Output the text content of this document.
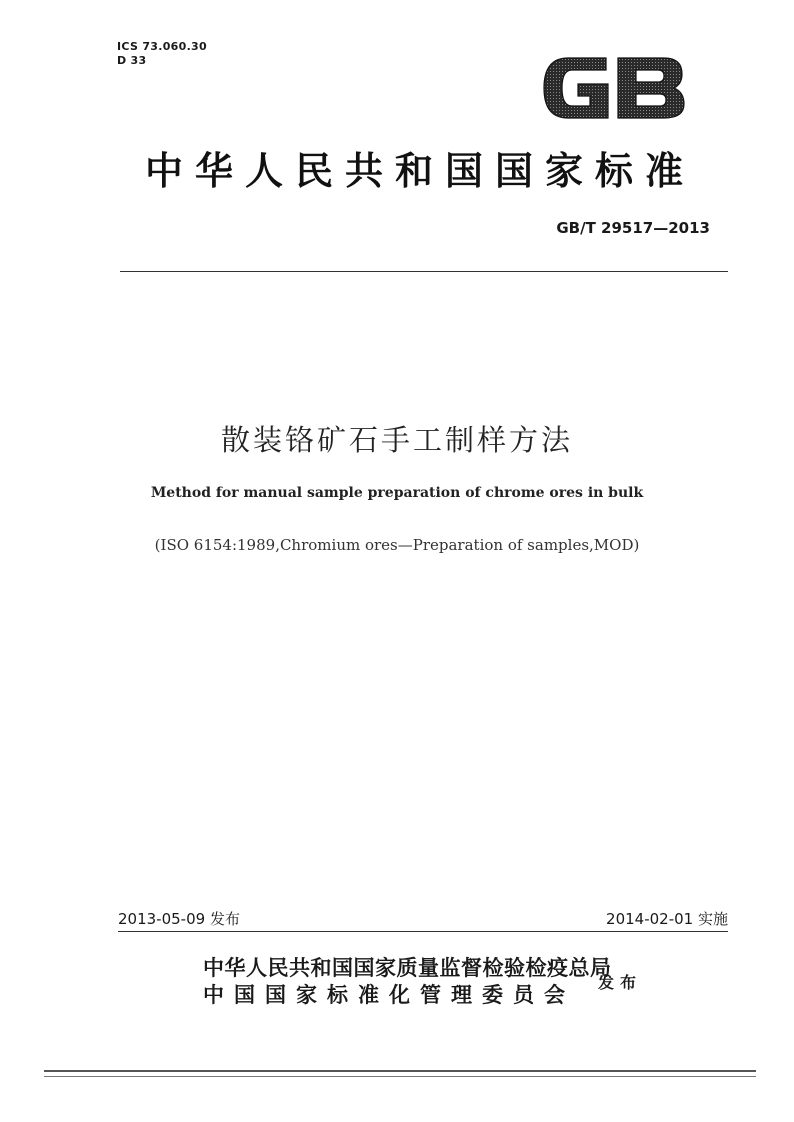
ICS 73.060.30
D 33
中华人民共和国国家标准
GB/T 29517—2013
散装铬矿石手工制样方法
Method for manual sample preparation of chrome ores in bulk
(ISO 6154:1989,Chromium ores—Preparation of samples,MOD)
2013-05-09 发布	2014-02-01 实施
中华人民共和国国家质量监督检验检疫总局
中国国家标准化管理委员会
发布
